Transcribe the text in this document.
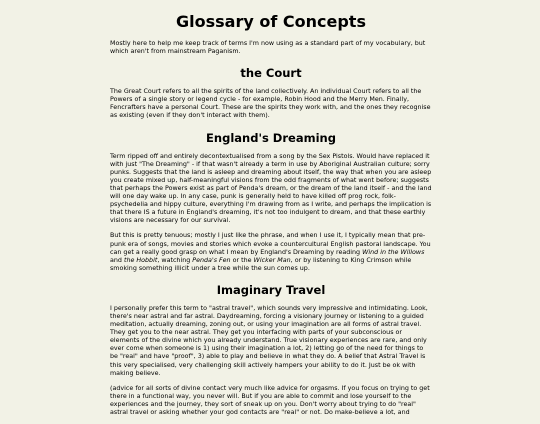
Glossary of Concepts

Mostly here to help me keep track of terms I'm now using as a standard part of my vocabulary, but which aren't from mainstream Paganism.

the Court

The Great Court refers to all the spirits of the land collectively. An individual Court refers to all the Powers of a single story or legend cycle - for example, Robin Hood and the Merry Men. Finally, Fencrafters have a personal Court. These are the spirits they work with, and the ones they recognise as existing (even if they don't interact with them).

England's Dreaming

Term ripped off and entirely decontextualised from a song by the Sex Pistols. Would have replaced it with just "The Dreaming" - if that wasn't already a term in use by Aboriginal Australian culture; sorry punks. Suggests that the land is asleep and dreaming about itself, the way that when you are asleep you create mixed up, half-meaningful visions from the odd fragments of what went before; suggests that perhaps the Powers exist as part of Penda's dream, or the dream of the land itself - and the land will one day wake up. In any case, punk is generally held to have killed off prog rock, folk-psychedelia and hippy culture, everything I'm drawing from as I write, and perhaps the implication is that there IS a future in England's dreaming, it's not too indulgent to dream, and that these earthly visions are necessary for our survival.

But this is pretty tenuous; mostly I just like the phrase, and when I use it, I typically mean that pre-punk era of songs, movies and stories which evoke a countercultural English pastoral landscape. You can get a really good grasp on what I mean by England's Dreaming by reading Wind in the Willows and the Hobbit, watching Penda's Fen or the Wicker Man, or by listening to King Crimson while smoking something illicit under a tree while the sun comes up.

Imaginary Travel

I personally prefer this term to "astral travel", which sounds very impressive and intimidating. Look, there's near astral and far astral. Daydreaming, forcing a visionary journey or listening to a guided meditation, actually dreaming, zoning out, or using your imagination are all forms of astral travel. They get you to the near astral. They get you interfacing with parts of your subconscious or elements of the divine which you already understand. True visionary experiences are rare, and only ever come when someone is 1) using their imagination a lot, 2) letting go of the need for things to be "real" and have "proof", 3) able to play and believe in what they do. A belief that Astral Travel is this very specialised, very challenging skill actively hampers your ability to do it. Just be ok with making believe.

(advice for all sorts of divine contact very much like advice for orgasms. If you focus on trying to get there in a functional way, you never will. But if you are able to commit and lose yourself to the experiences and the journey, they sort of sneak up on you. Don't worry about trying to do "real" astral travel or asking whether your god contacts are "real" or not. Do make-believe a lot, and
